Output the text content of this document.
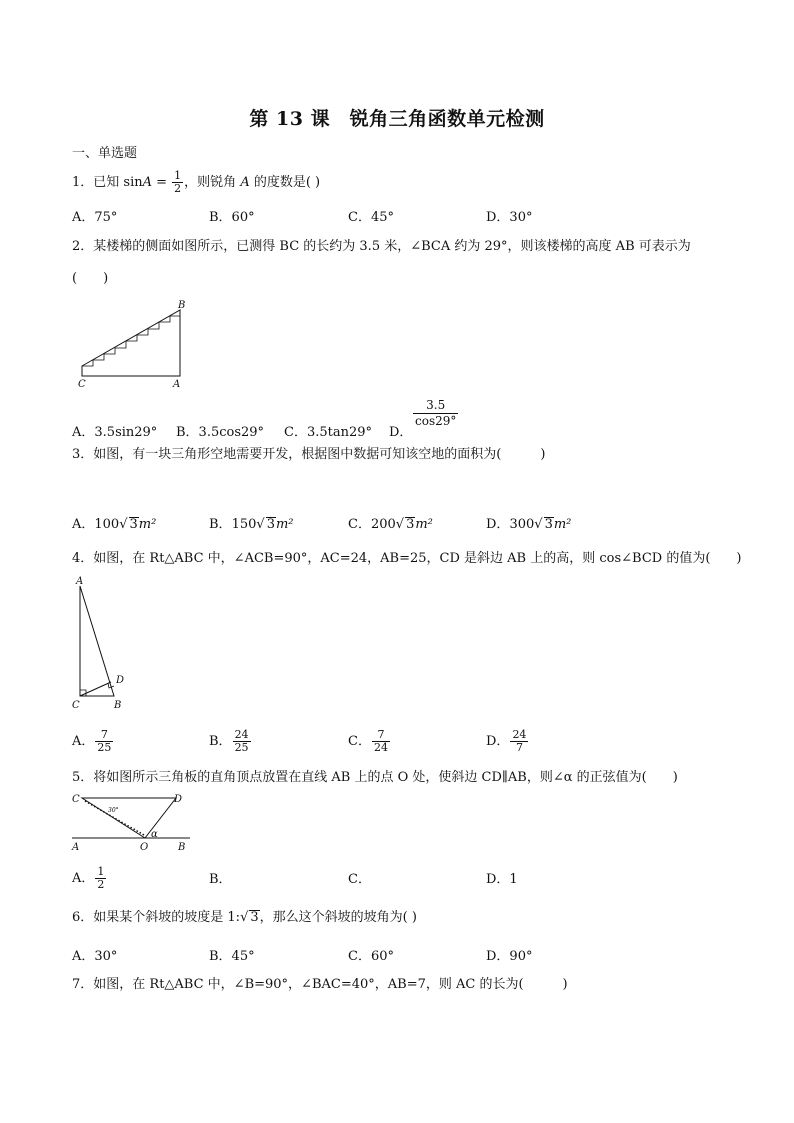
第 13 课　锐角三角函数单元检测
一、单选题
1．已知 $\sin A = \frac{1}{2}$ ，则锐角 A 的度数是( )
A．75°	B．60°	C．45°	D．30°
2．某楼梯的侧面如图所示，已测得 BC 的长约为 3.5 米，∠BCA 约为 29°，则该楼梯的高度 AB 可表示为
(　　)
B
C	A
A．3.5sin29° B．3.5cos29° C．3.5tan29° D．
$\frac{3.5}{\cos 29^\circ}$
3．如图，有一块三角形空地需要开发，根据图中数据可知该空地的面积为(　　　)
A．100√ 3m²	B．150√ 3m²	C．200√ 3m²	D．300√ 3m²
4．如图，在 Rt△ABC 中，∠ACB=90°，AC=24，AB=25，CD 是斜边 AB 上的高，则 cos∠BCD 的值为(　　)
A
C	B
D
A． $\frac{7}{25}$	B． $\frac{24}{25}$	C． $\frac{7}{24}$	D． $\frac{24}{7}$
5．将如图所示三角板的直角顶点放置在直线 AB 上的点 O 处，使斜边 CD∥AB，则∠α 的正弦值为(　　)
C	D
A	O	B
α
30°
A． $\frac{1}{2}$	B．	C．	D．1
6．如果某个斜坡的坡度是 1:√ 3，那么这个斜坡的坡角为( )
A．30°	B．45°	C．60°	D．90°
7．如图，在 Rt△ABC 中，∠B=90°，∠BAC=40°，AB=7，则 AC 的长为(　　　)
